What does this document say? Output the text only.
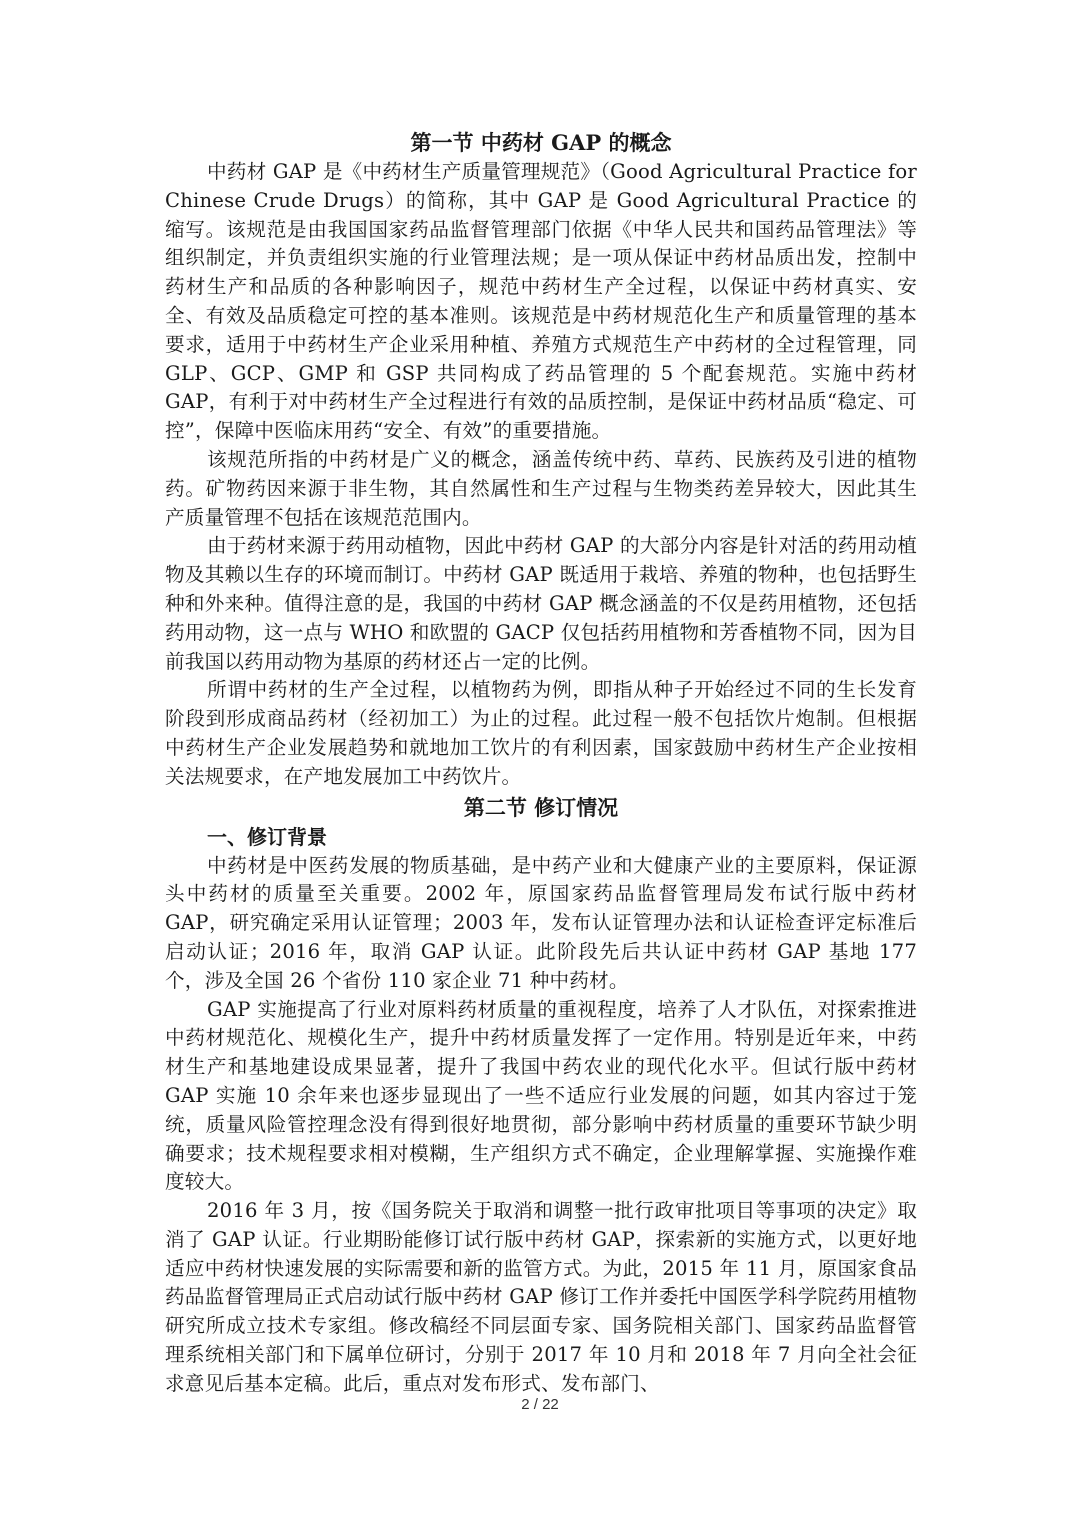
第一节 中药材 GAP 的概念

中药材 GAP 是《中药材生产质量管理规范》（Good Agricultural Practice for Chinese Crude Drugs）的简称，其中 GAP 是 Good Agricultural Practice 的缩写。该规范是由我国国家药品监督管理部门依据《中华人民共和国药品管理法》等组织制定，并负责组织实施的行业管理法规；是一项从保证中药材品质出发，控制中药材生产和品质的各种影响因子，规范中药材生产全过程，以保证中药材真实、安全、有效及品质稳定可控的基本准则。该规范是中药材规范化生产和质量管理的基本要求，适用于中药材生产企业采用种植、养殖方式规范生产中药材的全过程管理，同 GLP、GCP、GMP 和 GSP 共同构成了药品管理的 5 个配套规范。实施中药材 GAP，有利于对中药材生产全过程进行有效的品质控制，是保证中药材品质“稳定、可控”，保障中医临床用药“安全、有效”的重要措施。

该规范所指的中药材是广义的概念，涵盖传统中药、草药、民族药及引进的植物药。矿物药因来源于非生物，其自然属性和生产过程与生物类药差异较大，因此其生产质量管理不包括在该规范范围内。

由于药材来源于药用动植物，因此中药材 GAP 的大部分内容是针对活的药用动植物及其赖以生存的环境而制订。中药材 GAP 既适用于栽培、养殖的物种，也包括野生种和外来种。值得注意的是，我国的中药材 GAP 概念涵盖的不仅是药用植物，还包括药用动物，这一点与 WHO 和欧盟的 GACP 仅包括药用植物和芳香植物不同，因为目前我国以药用动物为基原的药材还占一定的比例。

所谓中药材的生产全过程，以植物药为例，即指从种子开始经过不同的生长发育阶段到形成商品药材（经初加工）为止的过程。此过程一般不包括饮片炮制。但根据中药材生产企业发展趋势和就地加工饮片的有利因素，国家鼓励中药材生产企业按相关法规要求，在产地发展加工中药饮片。

第二节 修订情况
一、修订背景

中药材是中医药发展的物质基础，是中药产业和大健康产业的主要原料，保证源头中药材的质量至关重要。2002 年，原国家药品监督管理局发布试行版中药材 GAP，研究确定采用认证管理；2003 年，发布认证管理办法和认证检查评定标准后启动认证；2016 年，取消 GAP 认证。此阶段先后共认证中药材 GAP 基地 177 个，涉及全国 26 个省份 110 家企业 71 种中药材。

GAP 实施提高了行业对原料药材质量的重视程度，培养了人才队伍，对探索推进中药材规范化、规模化生产，提升中药材质量发挥了一定作用。特别是近年来，中药材生产和基地建设成果显著，提升了我国中药农业的现代化水平。但试行版中药材 GAP 实施 10 余年来也逐步显现出了一些不适应行业发展的问题，如其内容过于笼统，质量风险管控理念没有得到很好地贯彻，部分影响中药材质量的重要环节缺少明确要求；技术规程要求相对模糊，生产组织方式不确定，企业理解掌握、实施操作难度较大。

2016 年 3 月，按《国务院关于取消和调整一批行政审批项目等事项的决定》取消了 GAP 认证。行业期盼能修订试行版中药材 GAP，探索新的实施方式，以更好地适应中药材快速发展的实际需要和新的监管方式。为此，2015 年 11 月，原国家食品药品监督管理局正式启动试行版中药材 GAP 修订工作并委托中国医学科学院药用植物研究所成立技术专家组。修改稿经不同层面专家、国务院相关部门、国家药品监督管理系统相关部门和下属单位研讨，分别于 2017 年 10 月和 2018 年 7 月向全社会征求意见后基本定稿。此后，重点对发布形式、发布部门、

2 / 22
